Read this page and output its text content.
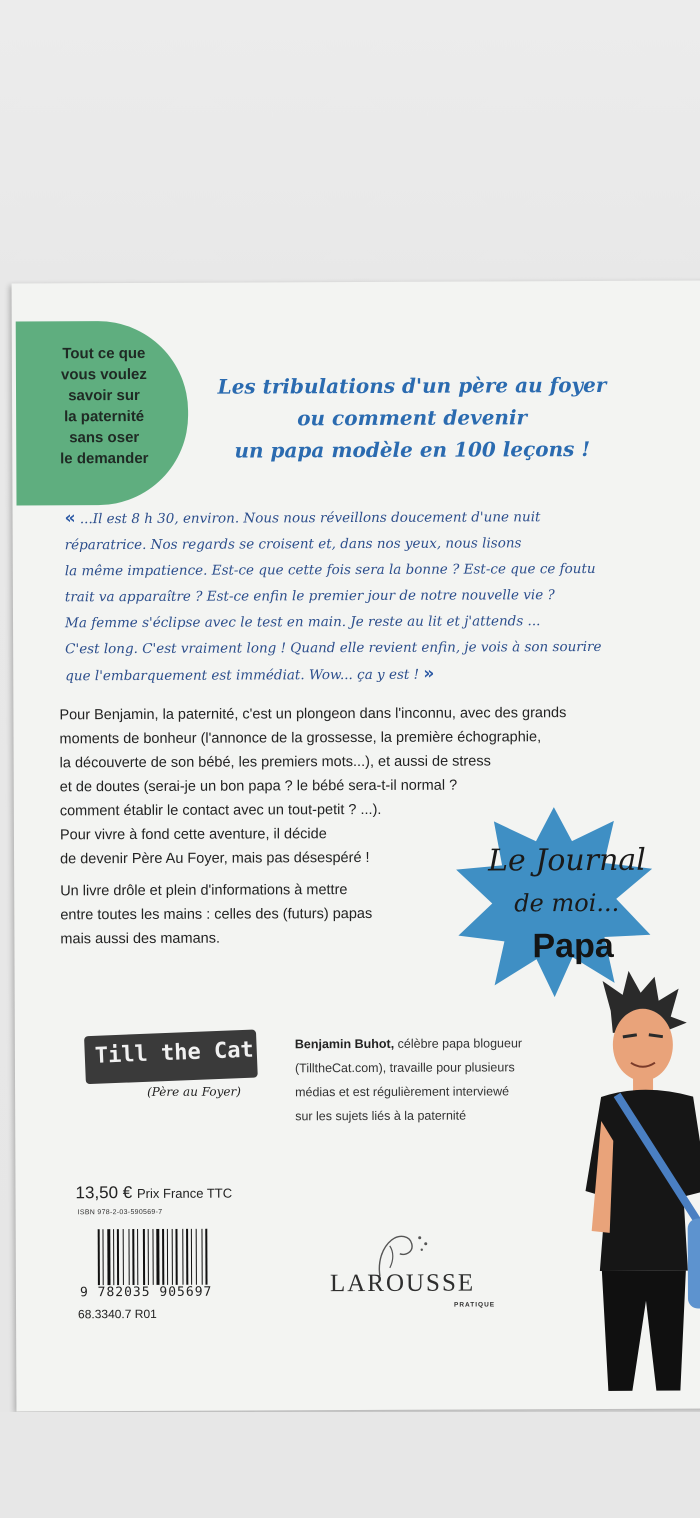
Tout ce que
vous voulez
savoir sur
la paternité
sans oser
le demander
Les tribulations d'un père au foyer
ou comment devenir
un papa modèle en 100 leçons !
« ...Il est 8 h 30, environ. Nous nous réveillons doucement d'une nuit
réparatrice. Nos regards se croisent et, dans nos yeux, nous lisons
la même impatience. Est-ce que cette fois sera la bonne ? Est-ce que ce foutu
trait va apparaître ? Est-ce enfin le premier jour de notre nouvelle vie ?
Ma femme s'éclipse avec le test en main. Je reste au lit et j'attends ...
C'est long. C'est vraiment long ! Quand elle revient enfin, je vois à son sourire
que l'embarquement est immédiat. Wow... ça y est ! »

Pour Benjamin, la paternité, c'est un plongeon dans l'inconnu, avec des grands
moments de bonheur (l'annonce de la grossesse, la première échographie,
la découverte de son bébé, les premiers mots...), et aussi de stress
et de doutes (serai-je un bon papa ? le bébé sera-t-il normal ?
comment établir le contact avec un tout-petit ? ...).
Pour vivre à fond cette aventure, il décide
de devenir Père Au Foyer, mais pas désespéré !

Un livre drôle et plein d'informations à mettre
entre toutes les mains : celles des (futurs) papas
mais aussi des mamans.

Le Journal
de moi...
Papa
Till the Cat
(Père au Foyer)
Benjamin Buhot, célèbre papa blogueur
(TilltheCat.com), travaille pour plusieurs
médias et est régulièrement interviewé
sur les sujets liés à la paternité
13,50 € Prix France TTC
ISBN 978-2-03-590569-7
9 782035 905697
68.3340.7 R01
LAROUSSE
PRATIQUE
